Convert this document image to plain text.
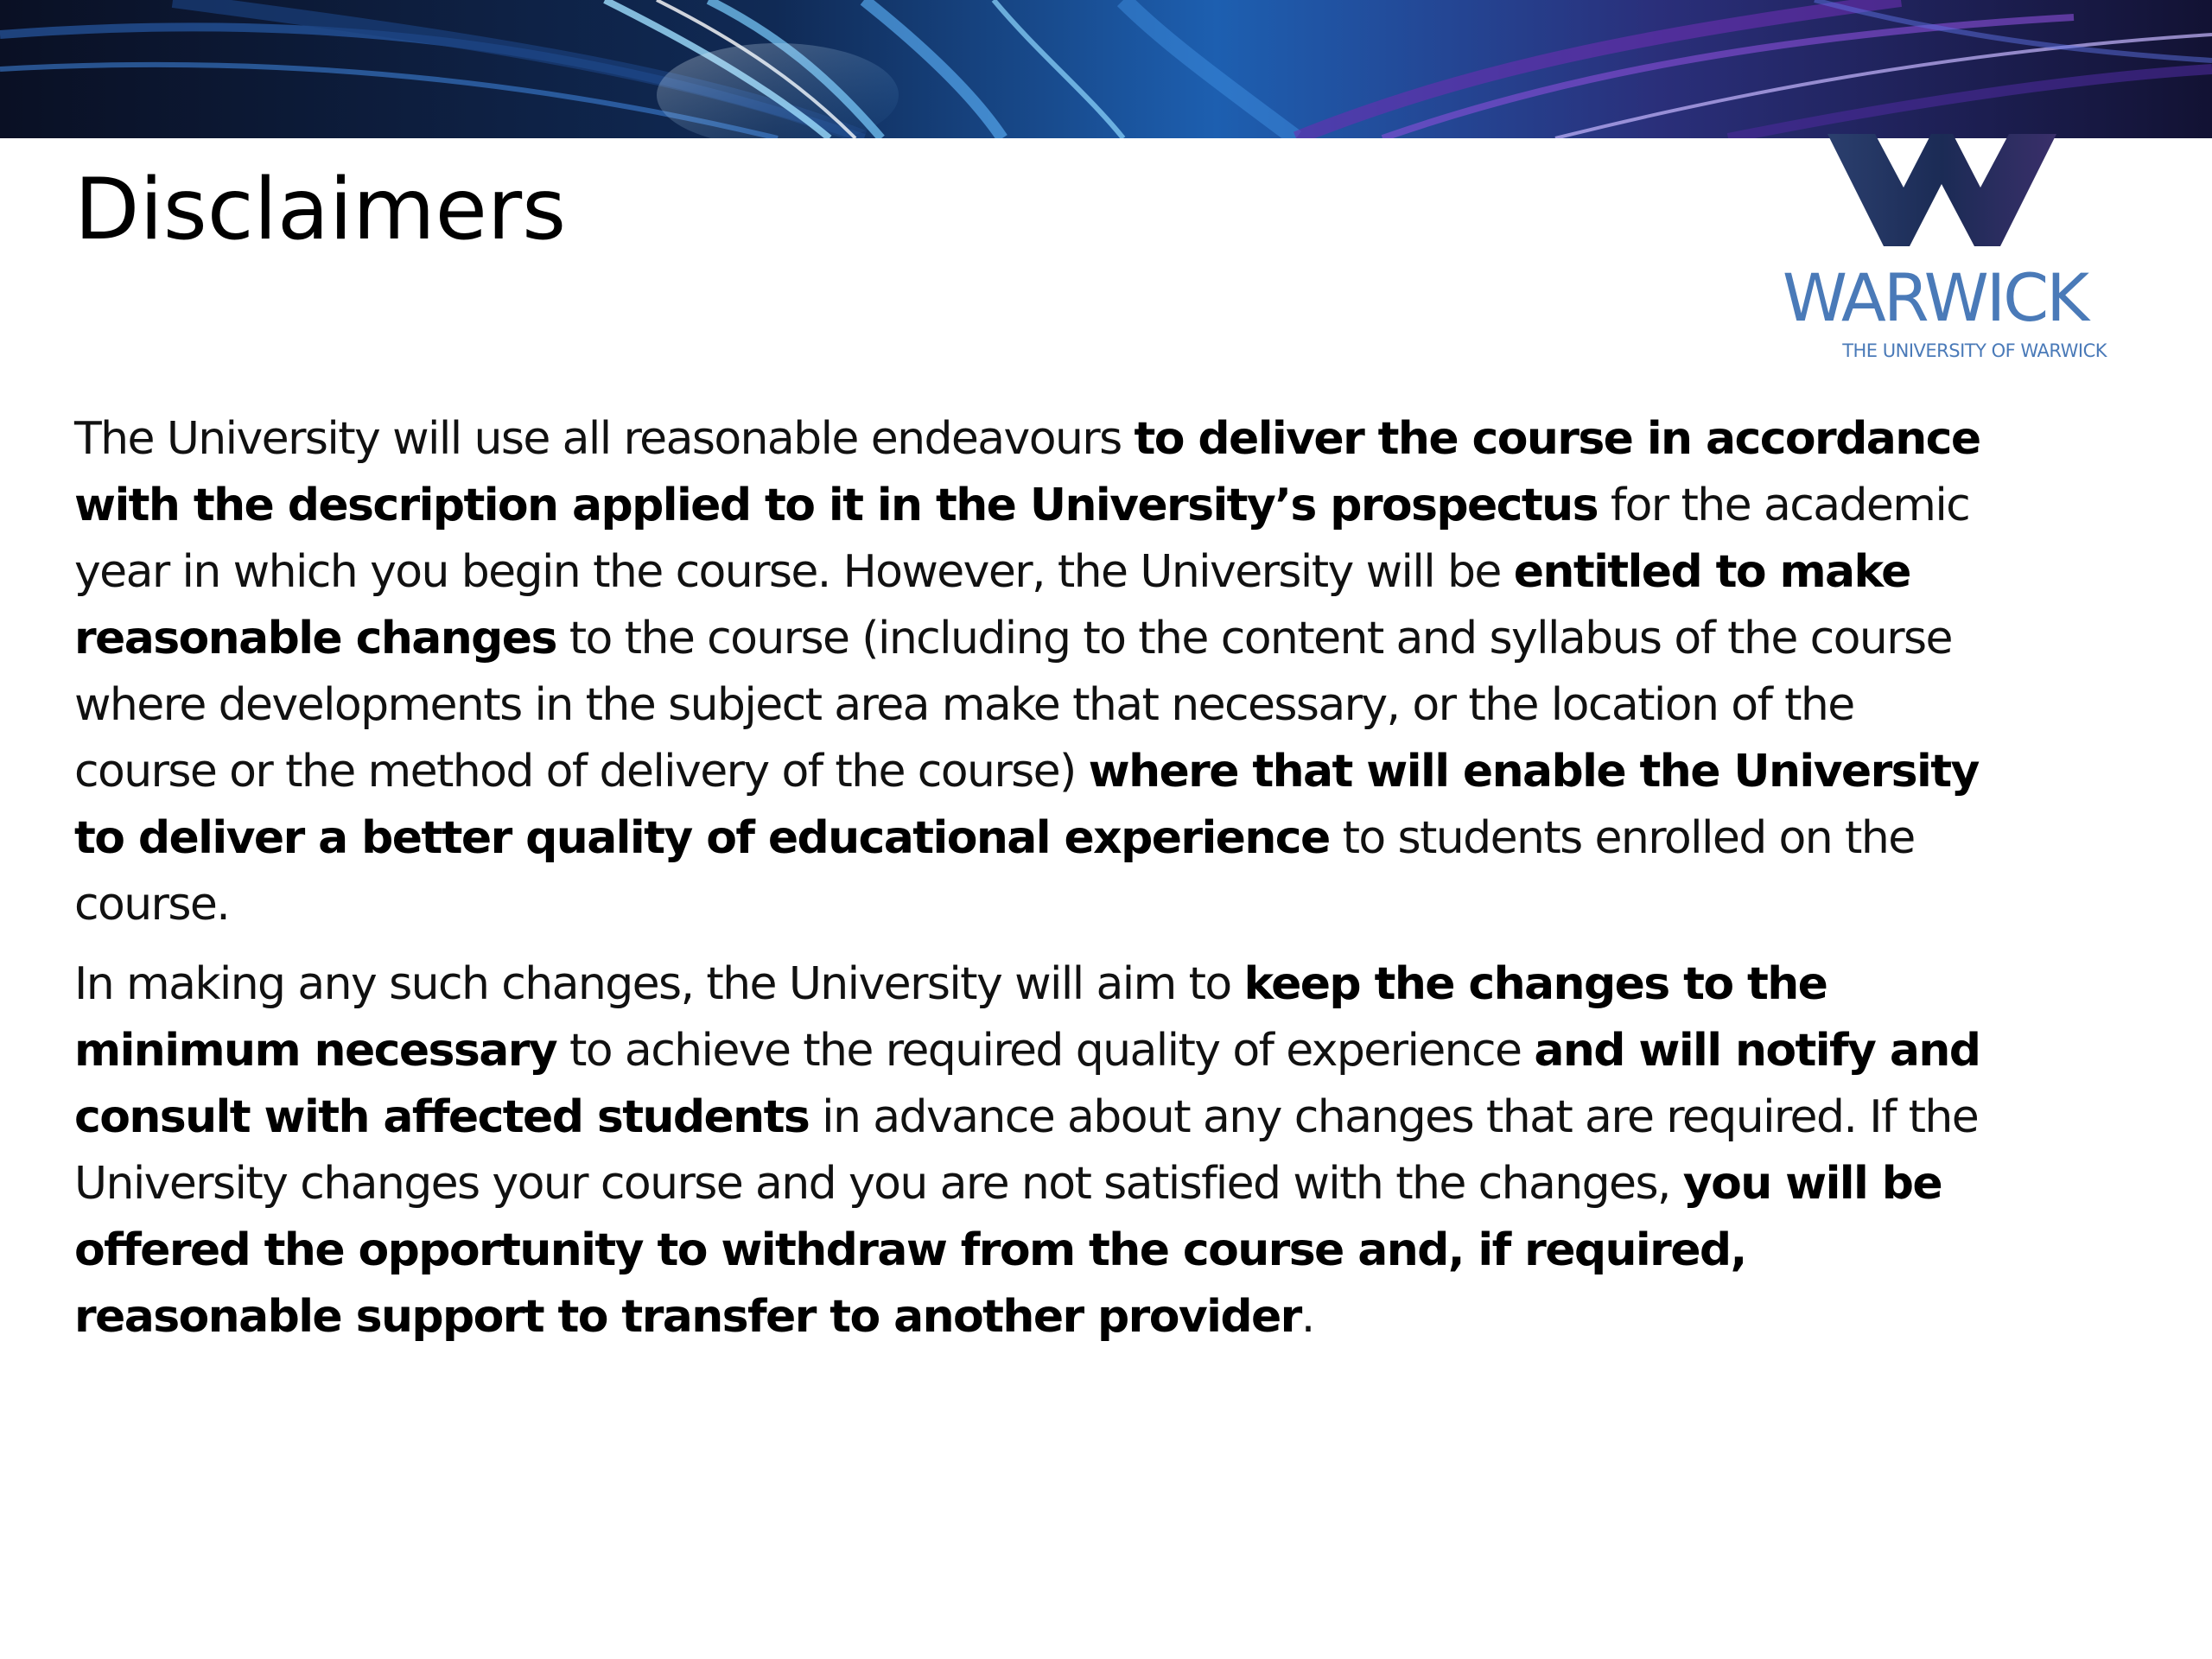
Disclaimers
WARWICK
THE UNIVERSITY OF WARWICK

The University will use all reasonable endeavours to deliver the course in accordance with the description applied to it in the University’s prospectus for the academic year in which you begin the course. However, the University will be entitled to make reasonable changes to the course (including to the content and syllabus of the course where developments in the subject area make that necessary, or the location of the course or the method of delivery of the course) where that will enable the University to deliver a better quality of educational experience to students enrolled on the course.

In making any such changes, the University will aim to keep the changes to the minimum necessary to achieve the required quality of experience and will notify and consult with affected students in advance about any changes that are required. If the University changes your course and you are not satisfied with the changes, you will be offered the opportunity to withdraw from the course and, if required, reasonable support to transfer to another provider.
